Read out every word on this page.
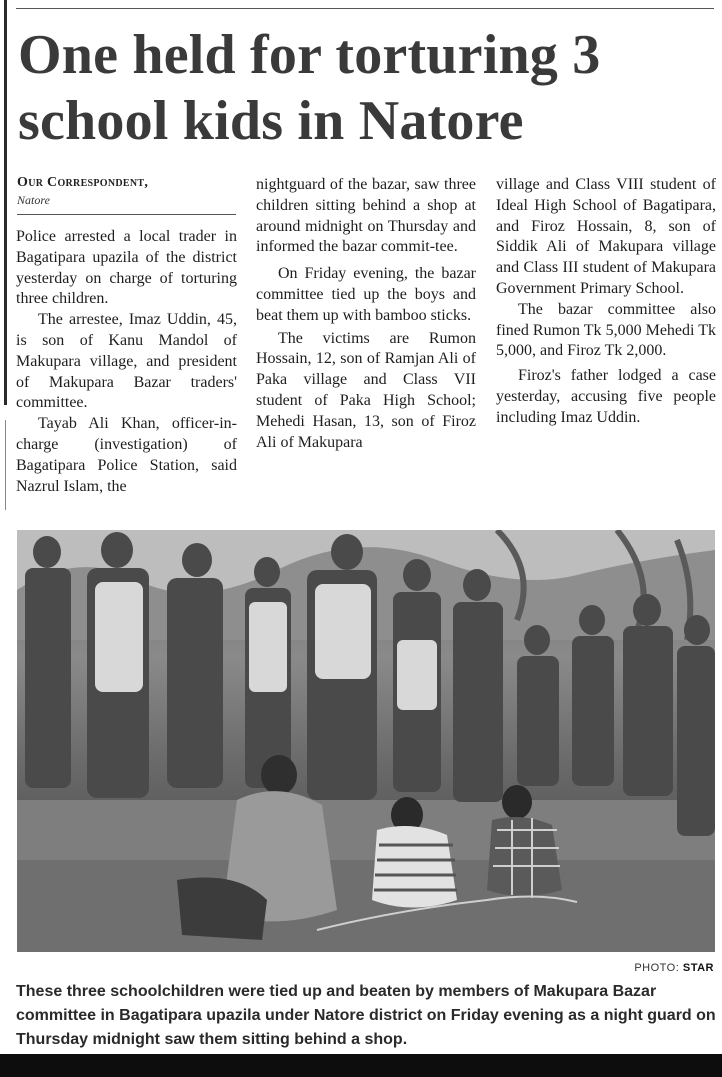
One held for torturing 3 school kids in Natore
Our Correspondent,
Natore

Police arrested a local trader in Bagatipara upazila of the district yesterday on charge of torturing three children.

The arrestee, Imaz Uddin, 45, is son of Kanu Mandol of Makupara village, and president of Makupara Bazar traders' committee.

Tayab Ali Khan, officer-in-charge (investigation) of Bagatipara Police Station, said Nazrul Islam, the

nightguard of the bazar, saw three children sitting behind a shop at around midnight on Thursday and informed the bazar commit-tee.

On Friday evening, the bazar committee tied up the boys and beat them up with bamboo sticks.

The victims are Rumon Hossain, 12, son of Ramjan Ali of Paka village and Class VII student of Paka High School; Mehedi Hasan, 13, son of Firoz Ali of Makupara

village and Class VIII student of Ideal High School of Bagatipara, and Firoz Hossain, 8, son of Siddik Ali of Makupara village and Class III student of Makupara Government Primary School.

The bazar committee also fined Rumon Tk 5,000 Mehedi Tk 5,000, and Firoz Tk 2,000.

Firoz's father lodged a case yesterday, accusing five people including Imaz Uddin.

PHOTO: STAR

These three schoolchildren were tied up and beaten by members of Makupara Bazar committee in Bagatipara upazila under Natore district on Friday evening as a night guard on Thursday midnight saw them sitting behind a shop.
